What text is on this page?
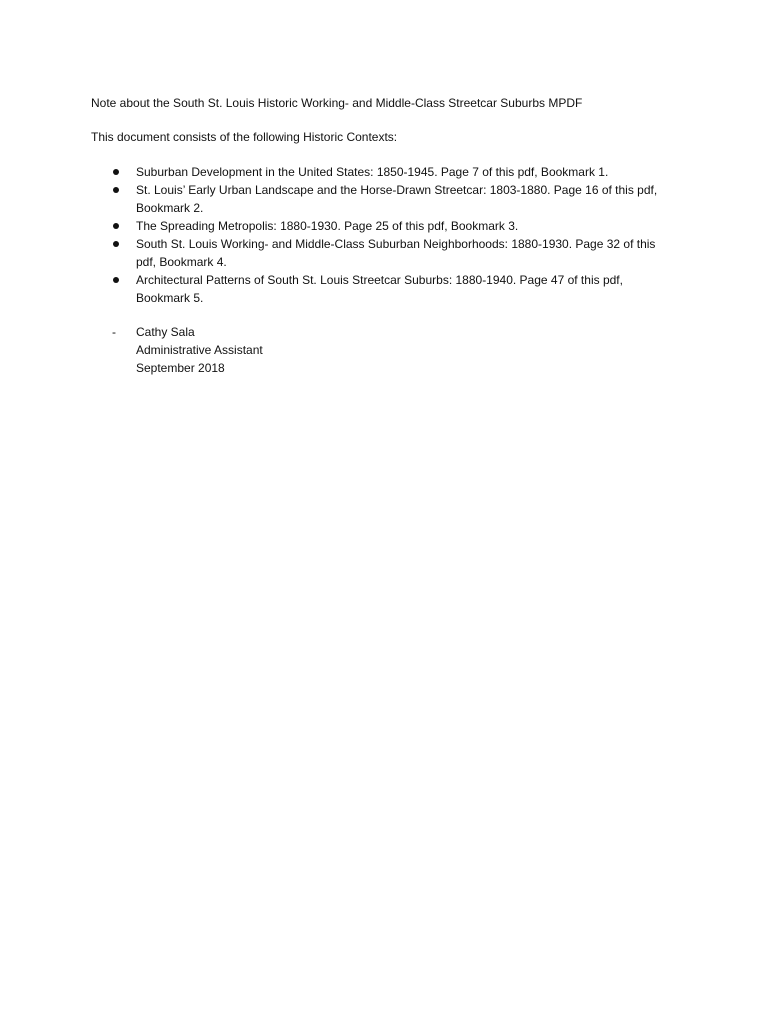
Note about the South St. Louis Historic Working- and Middle-Class Streetcar Suburbs MPDF
This document consists of the following Historic Contexts:
Suburban Development in the United States: 1850-1945. Page 7 of this pdf, Bookmark 1.
St. Louis’ Early Urban Landscape and the Horse-Drawn Streetcar: 1803-1880. Page 16 of this pdf, Bookmark 2.
The Spreading Metropolis: 1880-1930. Page 25 of this pdf, Bookmark 3.
South St. Louis Working- and Middle-Class Suburban Neighborhoods: 1880-1930. Page 32 of this pdf, Bookmark 4.
Architectural Patterns of South St. Louis Streetcar Suburbs: 1880-1940. Page 47 of this pdf, Bookmark 5.
- Cathy Sala
Administrative Assistant
September 2018
